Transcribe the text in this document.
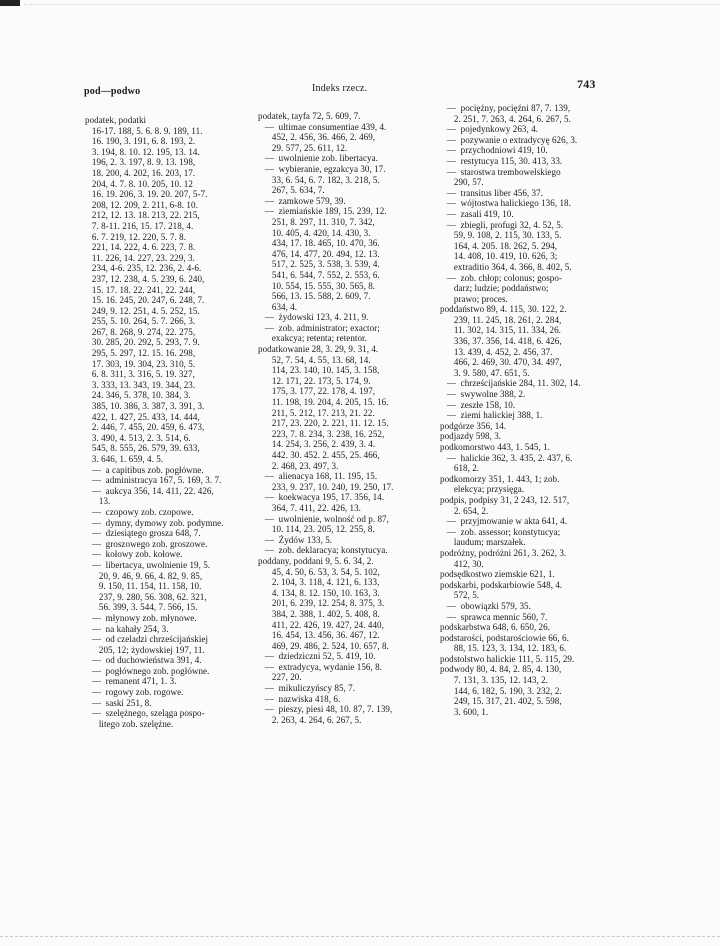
pod—podwo	Indeks rzecz.	743
podatek, podatki
16-17. 188, 5. 6. 8. 9. 189, 11.
16. 190, 3. 191, 6. 8. 193, 2.
3. 194, 8. 10. 12. 195, 13. 14.
196, 2. 3. 197, 8. 9. 13. 198,
18. 200, 4. 202, 16. 203, 17.
204, 4. 7. 8. 10. 205, 10. 12
16. 19. 206, 3. 19. 20. 207, 5-7.
208, 12. 209, 2. 211, 6-8. 10.
212, 12. 13. 18. 213, 22. 215,
7. 8-11. 216, 15. 17. 218, 4.
6. 7. 219, 12. 220, 5. 7. 8.
221, 14. 222, 4. 6. 223, 7. 8.
11. 226, 14. 227, 23. 229, 3.
234, 4-6. 235, 12. 236, 2. 4-6.
237, 12. 238, 4. 5. 239, 6. 240,
15. 17. 18. 22. 241, 22. 244,
15. 16. 245, 20. 247, 6. 248, 7.
249, 9. 12. 251, 4. 5. 252, 15.
255, 5. 10. 264, 5. 7. 266, 3.
267, 8. 268, 9. 274, 22. 275,
30. 285, 20. 292, 5. 293, 7. 9.
295, 5. 297, 12. 15. 16. 298,
17. 303, 19. 304, 23. 310, 5.
6. 8. 311, 3. 316, 5. 19. 327,
3. 333, 13. 343, 19. 344, 23.
24. 346, 5. 378, 10. 384, 3.
385, 10. 386, 3. 387, 3. 391, 3.
422, 1. 427, 25. 433, 14. 444,
2. 446, 7. 455, 20. 459, 6. 473,
3. 490, 4. 513, 2. 3. 514, 6.
545, 8. 555, 26. 579, 39. 633,
3. 646, 1. 659, 4. 5.
—  a capitibus zob. pogłówne.
—  administracya 167, 5. 169, 3. 7.
—  aukcya 356, 14. 411, 22. 426,
13.
—  czopowy zob. czopowe.
—  dymny, dymowy zob. podymne.
—  dziesiątego grosza 648, 7.
—  groszowego zob. groszowe.
—  kołowy zob. kołowe.
—  libertacya, uwolnienie 19, 5.
20, 9. 46, 9. 66, 4. 82, 9. 85,
9. 150, 11. 154, 11. 158, 10.
237, 9. 280, 56. 308, 62. 321,
56. 399, 3. 544, 7. 566, 15.
—  młynowy zob. młynowe.
—  na kahały 254, 3.
—  od czeladzi chrześcijańskiej
205, 12; żydowskiej 197, 11.
—  od duchowieństwa 391, 4.
—  pogłównego zob. pogłówne.
—  remanent 471, 1. 3.
—  rogowy zob. rogowe.
—  saski 251, 8.
—  szelężnego, szeląga pospo-
litego zob. szelężne.
podatek, tayfa 72, 5. 609, 7.
—  ultimae consumentiae 439, 4.
452, 2. 456, 36. 466, 2. 469,
29. 577, 25. 611, 12.
—  uwolnienie zob. libertacya.
—  wybieranie, egzakcya 30, 17.
33, 6. 54, 6. 7. 182, 3. 218, 5.
267, 5. 634, 7.
—  zamkowe 579, 39.
—  ziemiańskie 189, 15. 239, 12.
251, 8. 297, 11. 310, 7. 342,
10. 405, 4. 420, 14. 430, 3.
434, 17. 18. 465, 10. 470, 36.
476, 14. 477, 20. 494, 12. 13.
517, 2. 525, 3. 538, 3. 539, 4.
541, 6. 544, 7. 552, 2. 553, 6.
10. 554, 15. 555, 30. 565, 8.
566, 13. 15. 588, 2. 609, 7.
634, 4.
—  żydowski 123, 4. 211, 9.
—  zob. administrator; exactor;
exakcya; retenta; retentor.
podatkowanie 28, 3. 29, 9. 31, 4.
52, 7. 54, 4. 55, 13. 68, 14.
114, 23. 140, 10. 145, 3. 158,
12. 171, 22. 173, 5. 174, 9.
175, 3. 177, 22. 178, 4. 197,
11. 198, 19. 204, 4. 205, 15. 16.
211, 5. 212, 17. 213, 21. 22.
217, 23. 220, 2. 221, 11. 12. 15.
223, 7. 8. 234, 3. 238, 16. 252,
14. 254, 3. 256, 2. 439, 3. 4.
442. 30. 452. 2. 455, 25. 466,
2. 468, 23. 497, 3.
—  alienacya 168, 11. 195, 15.
233, 9. 237, 10. 240, 19. 250, 17.
—  koekwacya 195, 17. 356, 14.
364, 7. 411, 22. 426, 13.
—  uwolnienie, wolność od p. 87,
10. 114, 23. 205, 12. 255, 8.
—  Żydów 133, 5.
—  zob. deklaracya; konstytucya.
poddany, poddani 9, 5. 6. 34, 2.
45, 4. 50, 6. 53, 3. 54, 5. 102,
2. 104, 3. 118, 4. 121, 6. 133,
4. 134, 8. 12. 150, 10. 163, 3.
201, 6. 239, 12. 254, 8. 375, 3.
384, 2. 388, 1. 402, 5. 408, 8.
411, 22. 426, 19. 427, 24. 440,
16. 454, 13. 456, 36. 467, 12.
469, 29. 486, 2. 524, 10. 657, 8.
—  dziedziczni 52, 5. 419, 10.
—  extradycya, wydanie 156, 8.
227, 20.
—  mikuliczyńscy 85, 7.
—  nazwiska 418, 6.
—  pieszy, piesi 48, 10. 87, 7. 139,
2. 263, 4. 264, 6. 267, 5.
—  pocięźny, pocięźni 87, 7. 139,
2. 251, 7. 263, 4. 264, 6. 267, 5.
—  pojedynkowy 263, 4.
—  pozywanie o extradycyę 626, 3.
—  przychodniowi 419, 10.
—  restytucya 115, 30. 413, 33.
—  starostwa trembowelskiego
290, 57.
—  transitus liber 456, 37.
—  wójtostwa halickiego 136, 18.
—  zasali 419, 10.
—  zbiegli, profugi 32, 4. 52, 5.
59, 9. 108, 2. 115, 30. 133, 5.
164, 4. 205. 18. 262, 5. 294,
14. 408, 10. 419, 10. 626, 3;
extraditio 364, 4. 366, 8. 402, 5.
—  zob. chłop; colonus; gospo-
darz; ludzie; poddaństwo;
prawo; proces.
poddaństwo 89, 4. 115, 30. 122, 2.
239, 11. 245, 18. 261, 2. 284,
11. 302, 14. 315, 11. 334, 26.
336, 37. 356, 14. 418, 6. 426,
13. 439, 4. 452, 2. 456, 37.
466, 2. 469, 30. 470, 34. 497,
3. 9. 580, 47. 651, 5.
—  chrześcijańskie 284, 11. 302, 14.
—  swywolne 388, 2.
—  zeszłe 158, 10.
—  ziemi halickiej 388, 1.
podgórze 356, 14.
podjazdy 598, 3.
podkomorstwo 443, 1. 545, 1.
—  halickie 362, 3. 435, 2. 437, 6.
618, 2.
podkomorzy 351, 1. 443, 1; zob.
elekcya; przysięga.
podpis, podpisy 31, 2 243, 12. 517,
2. 654, 2.
—  przyjmowanie w akta 641, 4.
—  zob. assessor; konstytucya;
laudum; marszałek.
podróżny, podróżni 261, 3. 262, 3.
412, 30.
podsędkostwo ziemskie 621, 1.
podskarbi, podskarbiowie 548, 4.
572, 5.
—  obowiązki 579, 35.
—  sprawca mennic 560, 7.
podskarbstwa 648, 6. 650, 26.
podstarości, podstarościowie 66, 6.
88, 15. 123, 3. 134, 12. 183, 6.
podstolstwo halickie 111, 5. 115, 29.
podwody 80, 4. 84, 2. 85, 4. 130,
7. 131, 3. 135, 12. 143, 2.
144, 6. 182, 5. 190, 3. 232, 2.
249, 15. 317, 21. 402, 5. 598,
3. 600, 1.
